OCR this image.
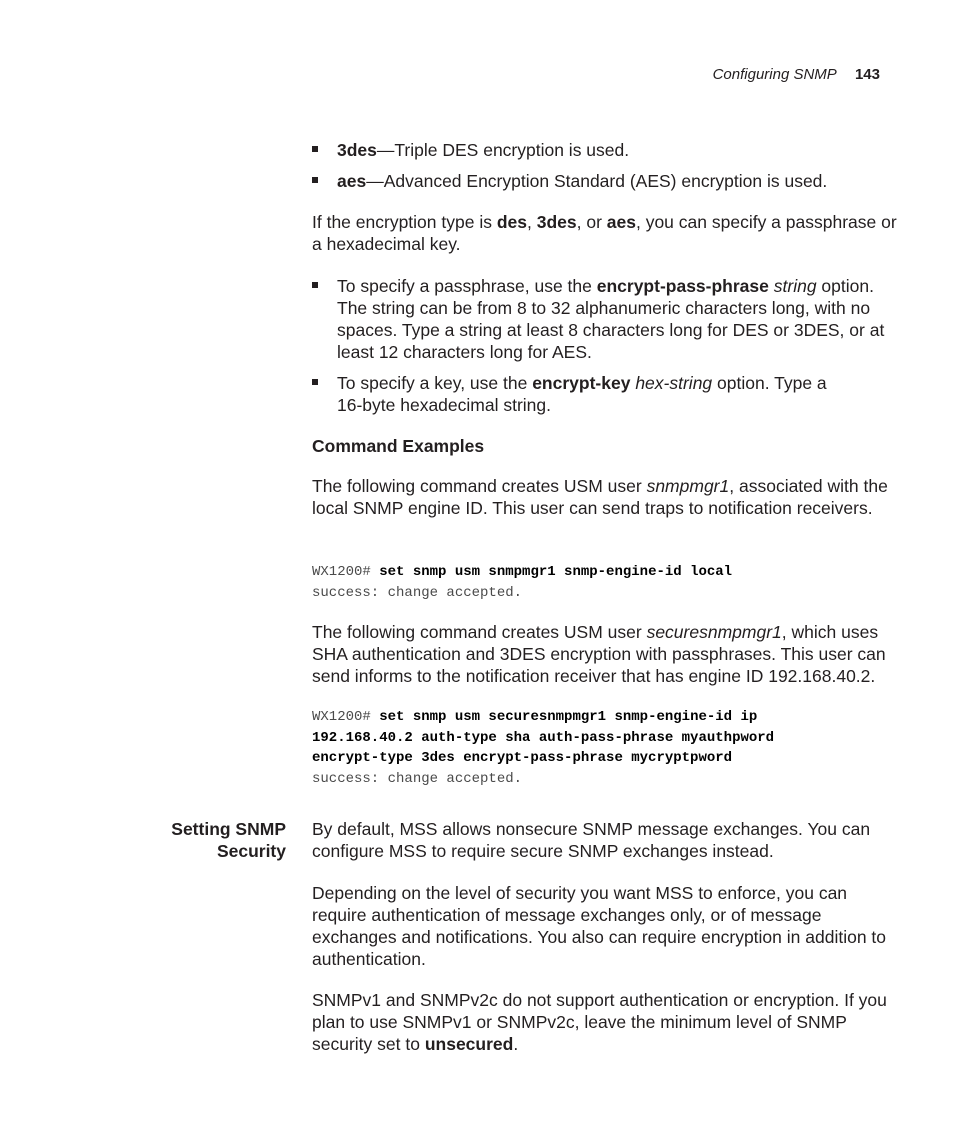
Configuring SNMP 143
3des—Triple DES encryption is used.
aes—Advanced Encryption Standard (AES) encryption is used.
If the encryption type is des, 3des, or aes, you can specify a passphrase or a hexadecimal key.
To specify a passphrase, use the encrypt-pass-phrase string option. The string can be from 8 to 32 alphanumeric characters long, with no spaces. Type a string at least 8 characters long for DES or 3DES, or at least 12 characters long for AES.
To specify a key, use the encrypt-key hex-string option. Type a 16-byte hexadecimal string.
Command Examples
The following command creates USM user snmpmgr1, associated with the local SNMP engine ID. This user can send traps to notification receivers.
WX1200# set snmp usm snmpmgr1 snmp-engine-id local
success: change accepted.
The following command creates USM user securesnmpmgr1, which uses SHA authentication and 3DES encryption with passphrases. This user can send informs to the notification receiver that has engine ID 192.168.40.2.
WX1200# set snmp usm securesnmpmgr1 snmp-engine-id ip
192.168.40.2 auth-type sha auth-pass-phrase myauthpword
encrypt-type 3des encrypt-pass-phrase mycryptpword
success: change accepted.
Setting SNMP
Security
By default, MSS allows nonsecure SNMP message exchanges. You can configure MSS to require secure SNMP exchanges instead.
Depending on the level of security you want MSS to enforce, you can require authentication of message exchanges only, or of message exchanges and notifications. You also can require encryption in addition to authentication.
SNMPv1 and SNMPv2c do not support authentication or encryption. If you plan to use SNMPv1 or SNMPv2c, leave the minimum level of SNMP security set to unsecured.
